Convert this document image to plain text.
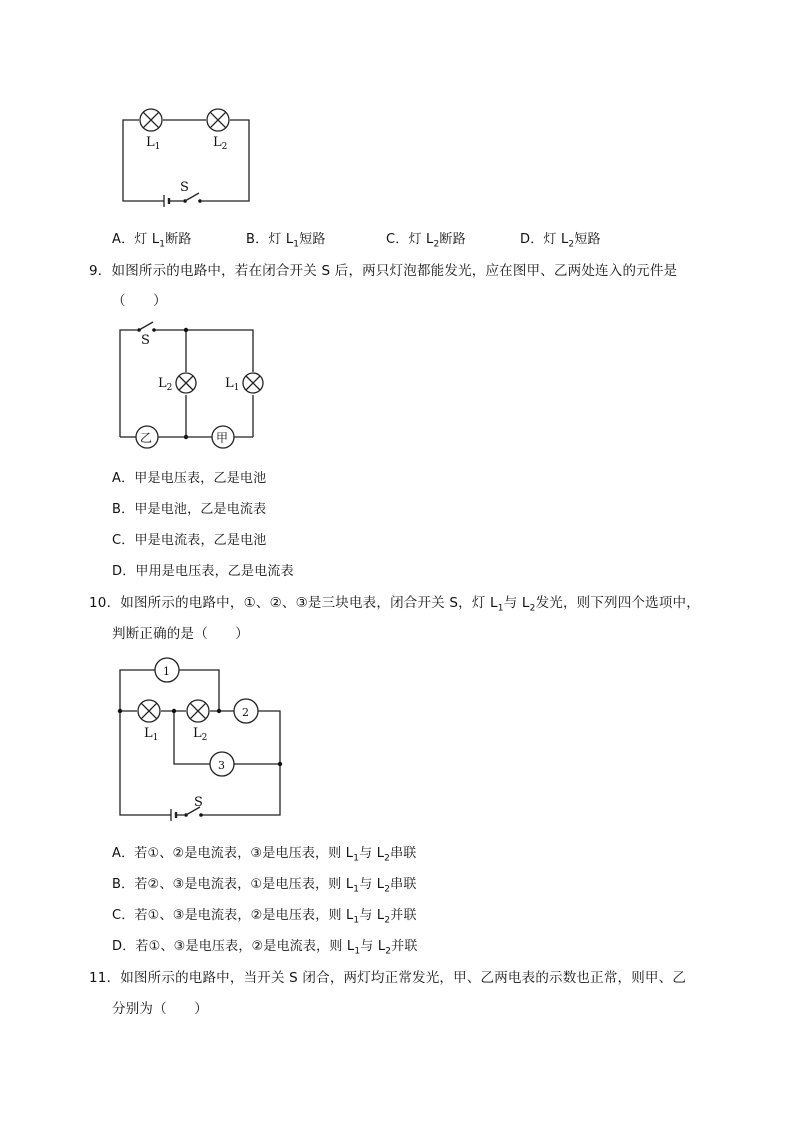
$L_1$	$L_2$
S
S
$L_2$	$L_1$
乙	甲
1
2
3
$L_1$	$L_2$
S
A．灯 $L_1$断路	B．灯 $L_1$短路	C．灯 $L_2$断路	D．灯 $L_2$短路
9．如图所示的电路中，若在闭合开关 S 后，两只灯泡都能发光，应在图甲、乙两处连入的元件是
（　　）
A．甲是电压表，乙是电池
B．甲是电池，乙是电流表
C．甲是电流表，乙是电池
D．甲用是电压表，乙是电流表
10．如图所示的电路中，①、②、③是三块电表，闭合开关 S，灯 $L_1$与 $L_2$发光，则下列四个选项中，
判断正确的是（　　）
A．若①、②是电流表，③是电压表，则 $L_1$与 $L_2$串联
B．若②、③是电流表，①是电压表，则 $L_1$与 $L_2$串联
C．若①、③是电流表，②是电压表，则 $L_1$与 $L_2$并联
D．若①、③是电压表，②是电流表，则 $L_1$与 $L_2$并联
11．如图所示的电路中，当开关 S 闭合，两灯均正常发光，甲、乙两电表的示数也正常，则甲、乙
分别为（　　）
